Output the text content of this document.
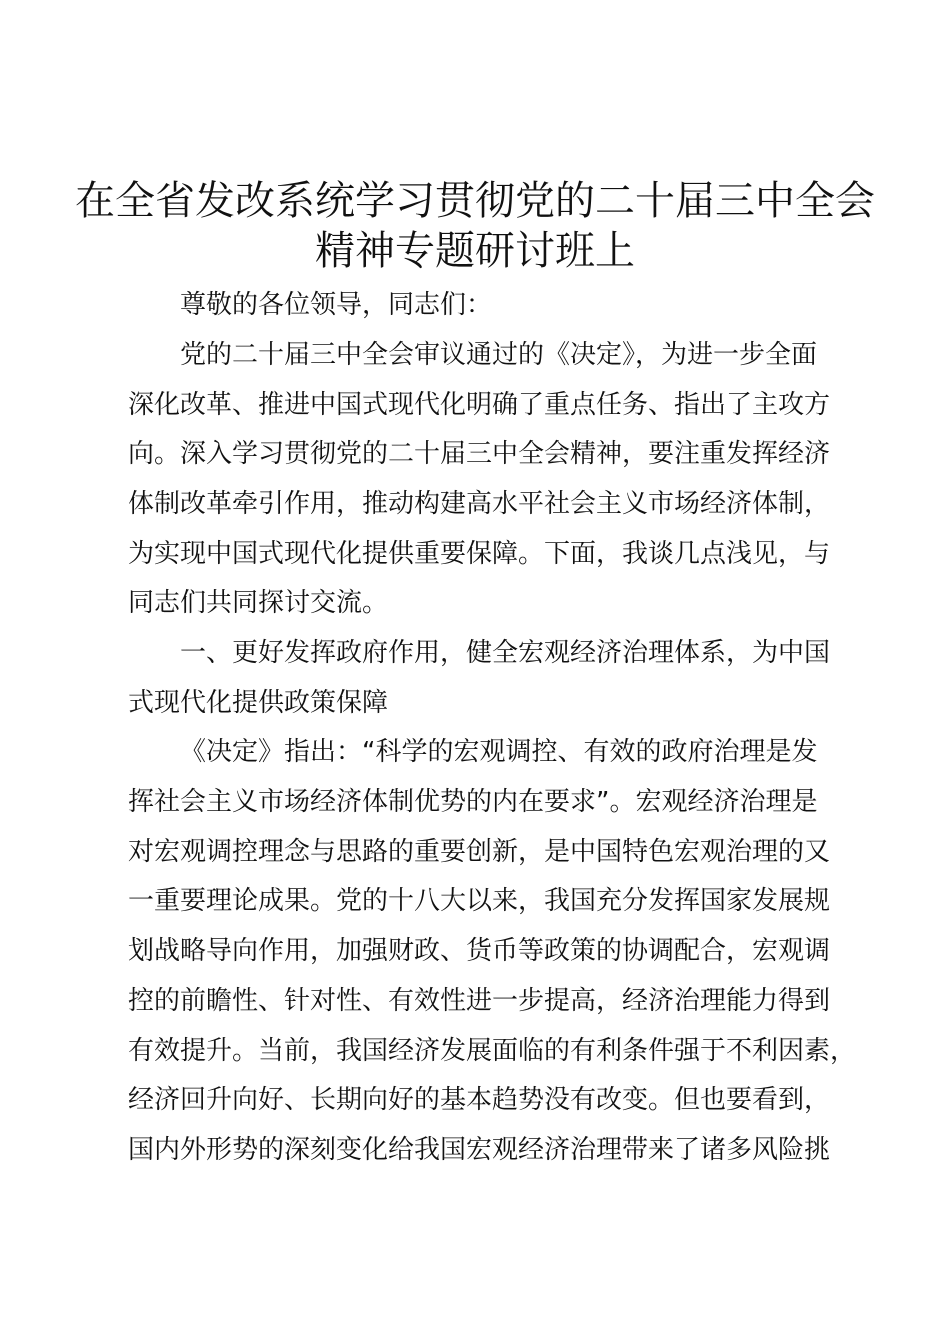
在全省发改系统学习贯彻党的二十届三中全会
精神专题研讨班上
尊敬的各位领导，同志们：
党的二十届三中全会审议通过的《决定》，为进一步全面
深化改革、推进中国式现代化明确了重点任务、指出了主攻方
向。深入学习贯彻党的二十届三中全会精神，要注重发挥经济
体制改革牵引作用，推动构建高水平社会主义市场经济体制，
为实现中国式现代化提供重要保障。下面，我谈几点浅见，与
同志们共同探讨交流。
一、更好发挥政府作用，健全宏观经济治理体系，为中国
式现代化提供政策保障
《决定》指出：“科学的宏观调控、有效的政府治理是发
挥社会主义市场经济体制优势的内在要求”。宏观经济治理是
对宏观调控理念与思路的重要创新，是中国特色宏观治理的又
一重要理论成果。党的十八大以来，我国充分发挥国家发展规
划战略导向作用，加强财政、货币等政策的协调配合，宏观调
控的前瞻性、针对性、有效性进一步提高，经济治理能力得到
有效提升。当前，我国经济发展面临的有利条件强于不利因素，
经济回升向好、长期向好的基本趋势没有改变。但也要看到，
国内外形势的深刻变化给我国宏观经济治理带来了诸多风险挑
